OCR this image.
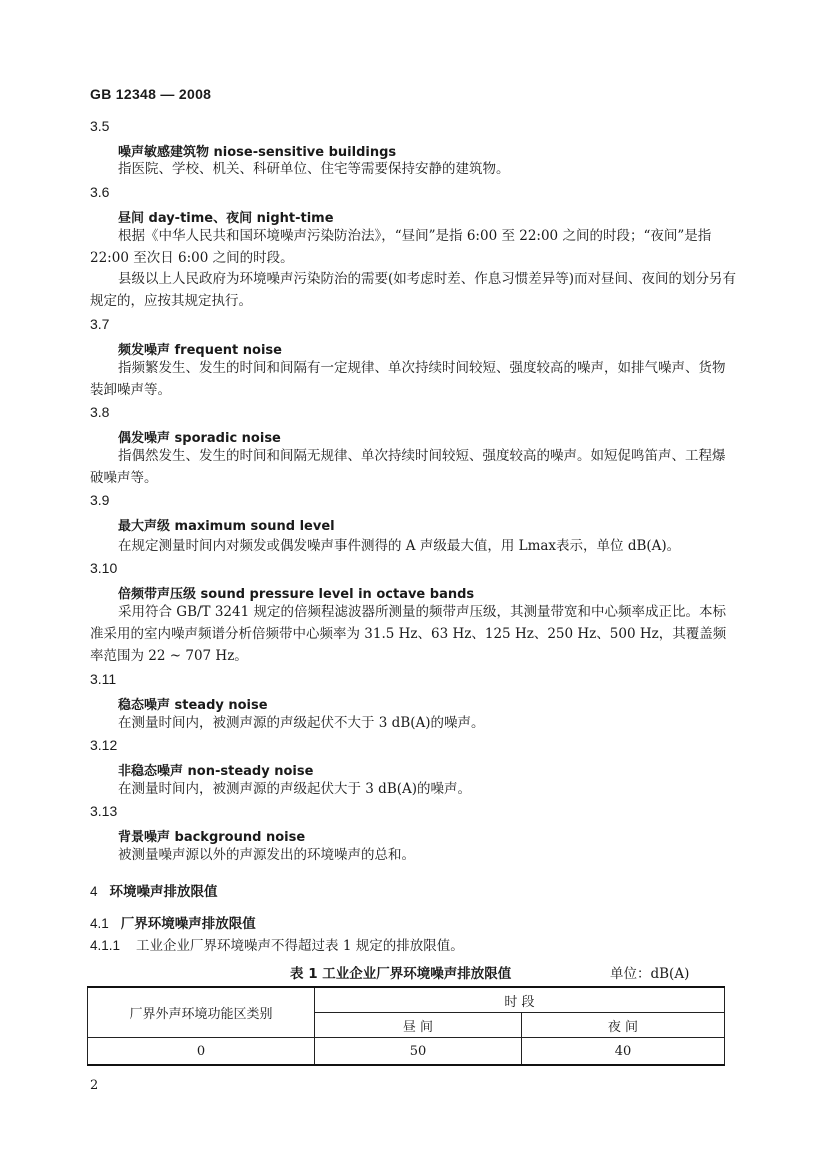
GB 12348 — 2008
3.5
噪声敏感建筑物 niose-sensitive buildings
指医院、学校、机关、科研单位、住宅等需要保持安静的建筑物。
3.6
昼间 day-time、夜间 night-time
根据《中华人民共和国环境噪声污染防治法》，“昼间”是指 6:00 至 22:00 之间的时段；“夜间”是指 22:00 至次日 6:00 之间的时段。
县级以上人民政府为环境噪声污染防治的需要(如考虑时差、作息习惯差异等)而对昼间、夜间的划分另有规定的，应按其规定执行。
3.7
频发噪声 frequent noise
指频繁发生、发生的时间和间隔有一定规律、单次持续时间较短、强度较高的噪声，如排气噪声、货物装卸噪声等。
3.8
偶发噪声 sporadic noise
指偶然发生、发生的时间和间隔无规律、单次持续时间较短、强度较高的噪声。如短促鸣笛声、工程爆破噪声等。
3.9
最大声级 maximum sound level
在规定测量时间内对频发或偶发噪声事件测得的 A 声级最大值，用 Lmax表示，单位 dB(A)。
3.10
倍频带声压级 sound pressure level in octave bands
采用符合 GB/T 3241 规定的倍频程滤波器所测量的频带声压级，其测量带宽和中心频率成正比。本标准采用的室内噪声频谱分析倍频带中心频率为 31.5 Hz、63 Hz、125 Hz、250 Hz、500 Hz，其覆盖频率范围为 22 ~ 707 Hz。
3.11
稳态噪声 steady noise
在测量时间内，被测声源的声级起伏不大于 3 dB(A)的噪声。
3.12
非稳态噪声 non-steady noise
在测量时间内，被测声源的声级起伏大于 3 dB(A)的噪声。
3.13
背景噪声 background noise
被测量噪声源以外的声源发出的环境噪声的总和。
4 环境噪声排放限值
4.1 厂界环境噪声排放限值
4.1.1 工业企业厂界环境噪声不得超过表 1 规定的排放限值。
表 1 工业企业厂界环境噪声排放限值	单位：dB(A)
厂界外声环境功能区类别	时 段	
	昼 间	夜 间
0	50	40
2
